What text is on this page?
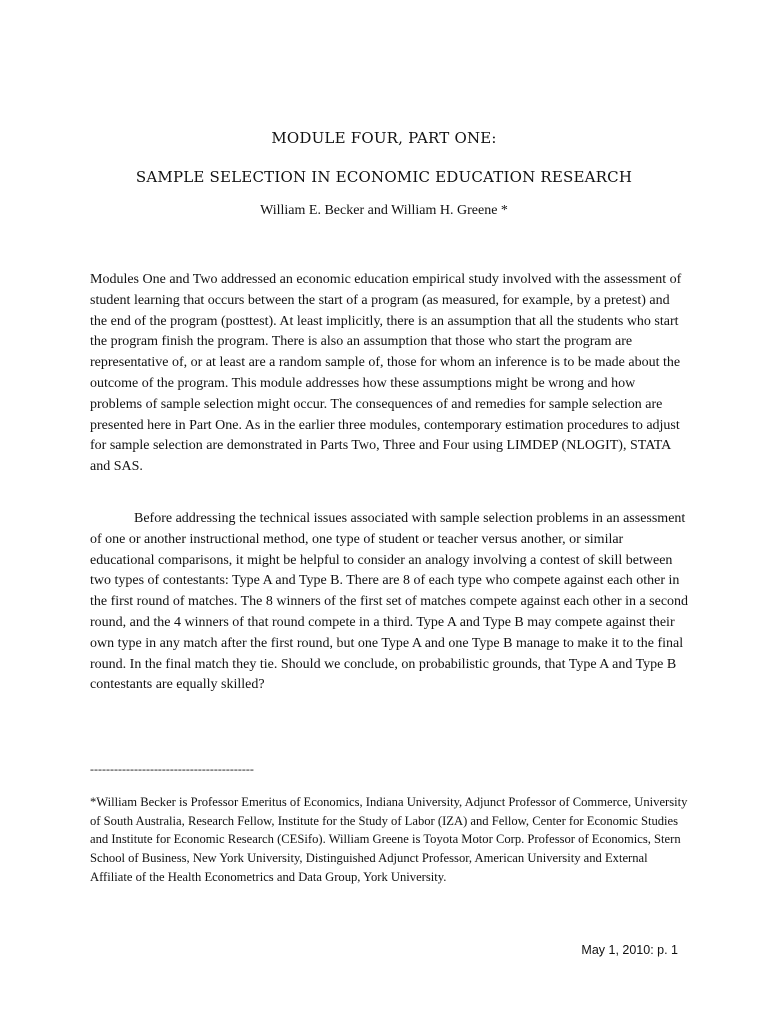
MODULE FOUR, PART ONE:
SAMPLE SELECTION IN ECONOMIC EDUCATION RESEARCH
William E. Becker and William H. Greene *
Modules One and Two addressed an economic education empirical study involved with the assessment of student learning that occurs between the start of a program (as measured, for example, by a pretest) and the end of the program (posttest). At least implicitly, there is an assumption that all the students who start the program finish the program. There is also an assumption that those who start the program are representative of, or at least are a random sample of, those for whom an inference is to be made about the outcome of the program. This module addresses how these assumptions might be wrong and how problems of sample selection might occur. The consequences of and remedies for sample selection are presented here in Part One. As in the earlier three modules, contemporary estimation procedures to adjust for sample selection are demonstrated in Parts Two, Three and Four using LIMDEP (NLOGIT), STATA and SAS.
Before addressing the technical issues associated with sample selection problems in an assessment of one or another instructional method, one type of student or teacher versus another, or similar educational comparisons, it might be helpful to consider an analogy involving a contest of skill between two types of contestants: Type A and Type B. There are 8 of each type who compete against each other in the first round of matches. The 8 winners of the first set of matches compete against each other in a second round, and the 4 winners of that round compete in a third. Type A and Type B may compete against their own type in any match after the first round, but one Type A and one Type B manage to make it to the final round. In the final match they tie. Should we conclude, on probabilistic grounds, that Type A and Type B contestants are equally skilled?
-----------------------------------------
*William Becker is Professor Emeritus of Economics, Indiana University, Adjunct Professor of Commerce, University of South Australia, Research Fellow, Institute for the Study of Labor (IZA) and Fellow, Center for Economic Studies and Institute for Economic Research (CESifo). William Greene is Toyota Motor Corp. Professor of Economics, Stern School of Business, New York University, Distinguished Adjunct Professor, American University and External Affiliate of the Health Econometrics and Data Group, York University.
May 1, 2010: p. 1
